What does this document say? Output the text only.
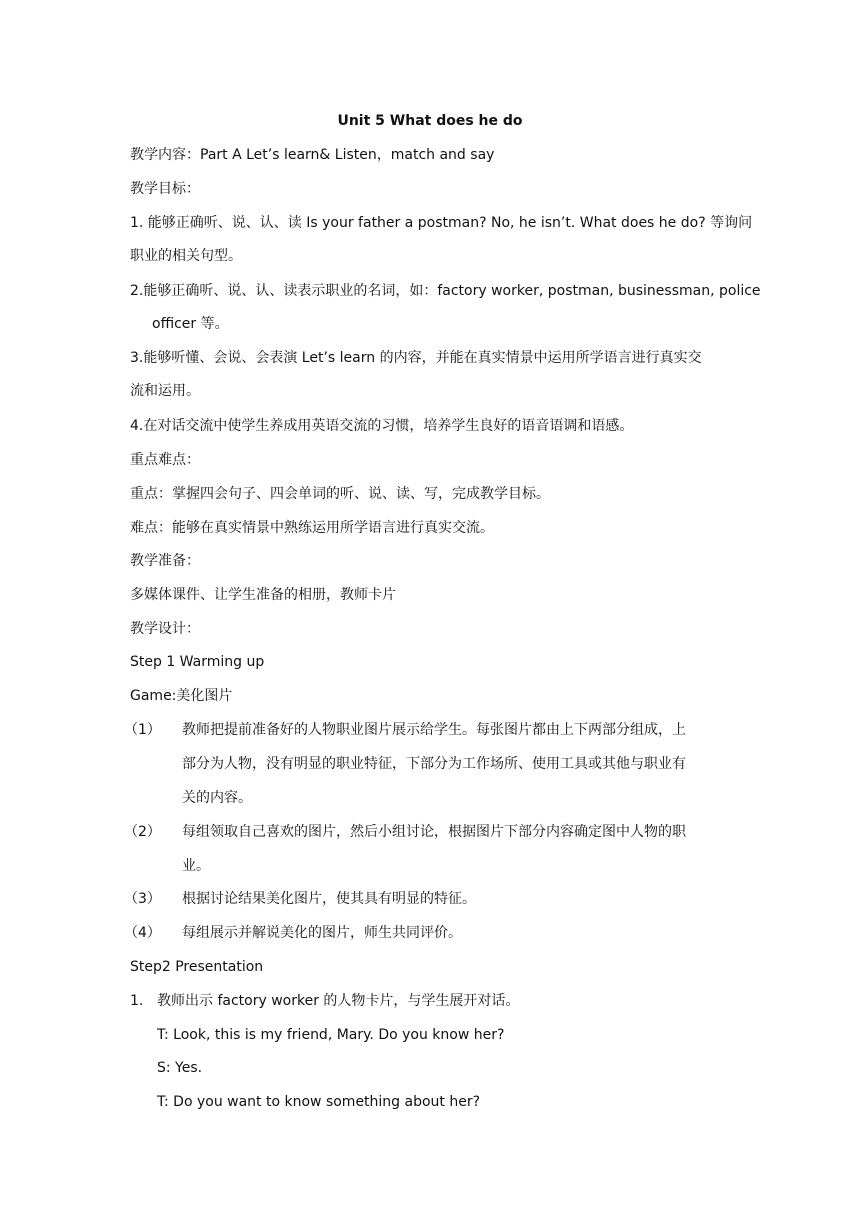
Unit 5 What does he do
教学内容：Part A Let’s learn& Listen，match and say
教学目标：
1. 能够正确听、说、认、读 Is your father a postman? No, he isn’t. What does he do? 等询问
职业的相关句型。
2.能够正确听、说、认、读表示职业的名词，如：factory worker, postman, businessman, police
officer 等。
3.能够听懂、会说、会表演 Let’s learn 的内容，并能在真实情景中运用所学语言进行真实交
流和运用。
4.在对话交流中使学生养成用英语交流的习惯，培养学生良好的语音语调和语感。
重点难点：
重点：掌握四会句子、四会单词的听、说、读、写，完成教学目标。
难点：能够在真实情景中熟练运用所学语言进行真实交流。
教学准备：
多媒体课件、让学生准备的相册，教师卡片
教学设计：
Step 1 Warming up
Game:美化图片
（1） 教师把提前准备好的人物职业图片展示给学生。每张图片都由上下两部分组成，上
部分为人物，没有明显的职业特征，下部分为工作场所、使用工具或其他与职业有
关的内容。
（2） 每组领取自己喜欢的图片，然后小组讨论，根据图片下部分内容确定图中人物的职
业。
（3） 根据讨论结果美化图片，使其具有明显的特征。
（4） 每组展示并解说美化的图片，师生共同评价。
Step2 Presentation
1. 教师出示 factory worker 的人物卡片，与学生展开对话。
T: Look, this is my friend, Mary. Do you know her?
S: Yes.
T: Do you want to know something about her?
